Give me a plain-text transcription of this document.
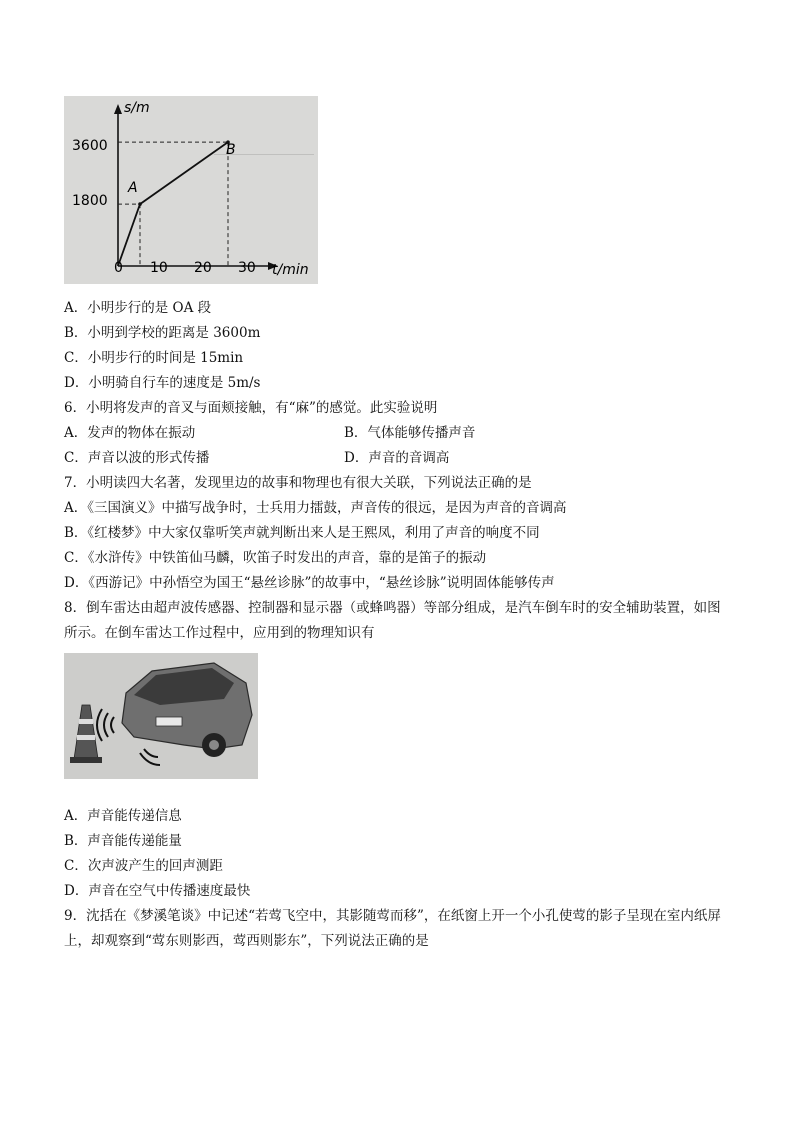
s/m
t/min
3600
1800
0 10 20 30
A
B
A．小明步行的是 OA 段
B．小明到学校的距离是 3600m
C．小明步行的时间是 15min
D．小明骑自行车的速度是 5m/s
6．小明将发声的音叉与面颊接触，有“麻”的感觉。此实验说明
A．发声的物体在振动	B．气体能够传播声音
C．声音以波的形式传播	D．声音的音调高
7．小明读四大名著，发现里边的故事和物理也有很大关联，下列说法正确的是
A．《三国演义》中描写战争时，士兵用力擂鼓，声音传的很远，是因为声音的音调高
B．《红楼梦》中大家仅靠听笑声就判断出来人是王熙凤，利用了声音的响度不同
C．《水浒传》中铁笛仙马麟，吹笛子时发出的声音，靠的是笛子的振动
D．《西游记》中孙悟空为国王“悬丝诊脉”的故事中，“悬丝诊脉”说明固体能够传声
8．倒车雷达由超声波传感器、控制器和显示器（或蜂鸣器）等部分组成，是汽车倒车时的安全辅助装置，如图所示。在倒车雷达工作过程中，应用到的物理知识有
A．声音能传递信息
B．声音能传递能量
C．次声波产生的回声测距
D．声音在空气中传播速度最快
9．沈括在《梦溪笔谈》中记述“若莺飞空中，其影随莺而移”，在纸窗上开一个小孔使莺的影子呈现在室内纸屏上，却观察到“莺东则影西，莺西则影东”，下列说法正确的是
